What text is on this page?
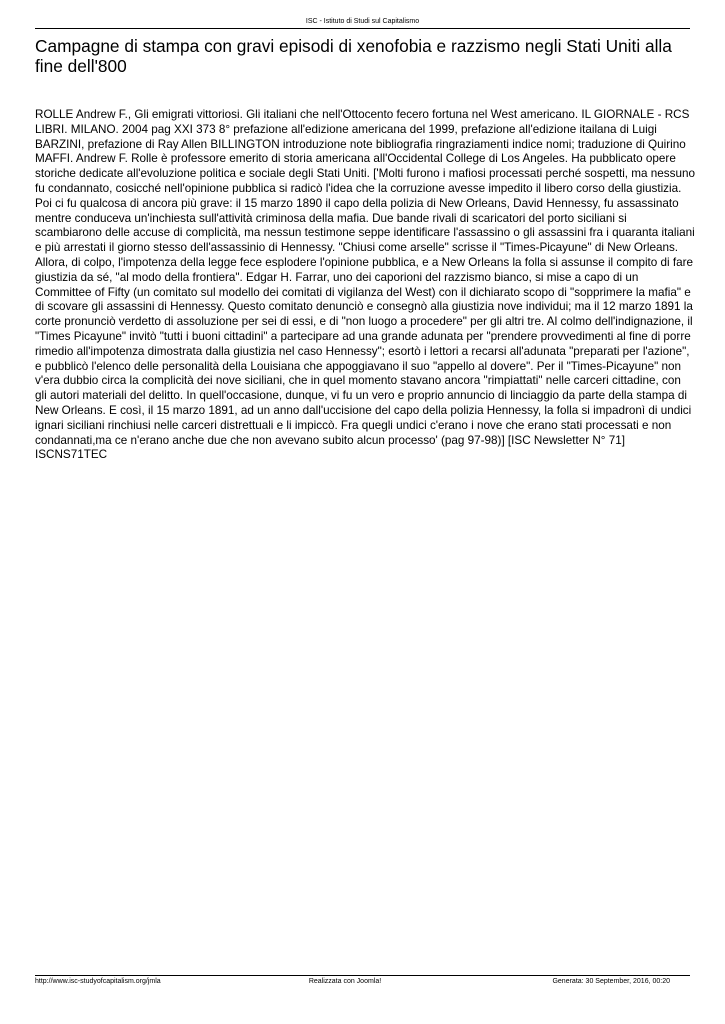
ISC - Istituto di Studi sul Capitalismo
Campagne di stampa con gravi episodi di xenofobia e razzismo negli Stati Uniti alla fine dell'800

ROLLE Andrew F., Gli emigrati vittoriosi. Gli italiani che nell'Ottocento fecero fortuna nel West americano. IL GIORNALE - RCS LIBRI. MILANO. 2004 pag XXI 373 8° prefazione all'edizione americana del 1999, prefazione all'edizione itailana di Luigi BARZINI, prefazione di Ray Allen BILLINGTON introduzione note bibliografia ringraziamenti indice nomi; traduzione di Quirino MAFFI. Andrew F. Rolle è professore emerito di storia americana all'Occidental College di Los Angeles. Ha pubblicato opere storiche dedicate all'evoluzione politica e sociale degli Stati Uniti. ['Molti furono i mafiosi processati perché sospetti, ma nessuno fu condannato, cosicché nell'opinione pubblica si radicò l'idea che la corruzione avesse impedito il libero corso della giustizia. Poi ci fu qualcosa di ancora più grave: il 15 marzo 1890 il capo della polizia di New Orleans, David Hennessy, fu assassinato mentre conduceva un'inchiesta sull'attività criminosa della mafia. Due bande rivali di scaricatori del porto siciliani si scambiarono delle accuse di complicità, ma nessun testimone seppe identificare l'assassino o gli assassini fra i quaranta italiani e più arrestati il giorno stesso dell'assassinio di Hennessy. "Chiusi come arselle" scrisse il "Times-Picayune" di New Orleans. Allora, di colpo, l'impotenza della legge fece esplodere l'opinione pubblica, e a New Orleans la folla si assunse il compito di fare giustizia da sé, "al modo della frontiera". Edgar H. Farrar, uno dei caporioni del razzismo bianco, si mise a capo di un Committee of Fifty (un comitato sul modello dei comitati di vigilanza del West) con il dichiarato scopo di "sopprimere la mafia" e di scovare gli assassini di Hennessy. Questo comitato denunciò e consegnò alla giustizia nove individui; ma il 12 marzo 1891 la corte pronunciò verdetto di assoluzione per sei di essi, e di "non luogo a procedere" per gli altri tre. Al colmo dell'indignazione, il "Times Picayune" invitò "tutti i buoni cittadini" a partecipare ad una grande adunata per "prendere provvedimenti al fine di porre rimedio all'impotenza dimostrata dalla giustizia nel caso Hennessy"; esortò i lettori a recarsi all'adunata "preparati per l'azione", e pubblicò l'elenco delle personalità della Louisiana che appoggiavano il suo "appello al dovere". Per il "Times-Picayune" non v'era dubbio circa la complicità dei nove siciliani, che in quel momento stavano ancora "rimpiattati" nelle carceri cittadine, con gli autori materiali del delitto. In quell'occasione, dunque, vi fu un vero e proprio annuncio di linciaggio da parte della stampa di New Orleans. E così, il 15 marzo 1891, ad un anno dall'uccisione del capo della polizia Hennessy, la folla si impadronì di undici ignari siciliani rinchiusi nelle carceri distrettuali e li impiccò. Fra quegli undici c'erano i nove che erano stati processati e non condannati,ma ce n'erano anche due che non avevano subito alcun processo' (pag 97-98)] [ISC Newsletter N° 71] ISCNS71TEC

http://www.isc-studyofcapitalism.org/jmla	Realizzata con Joomla!	Generata: 30 September, 2016, 00:20
